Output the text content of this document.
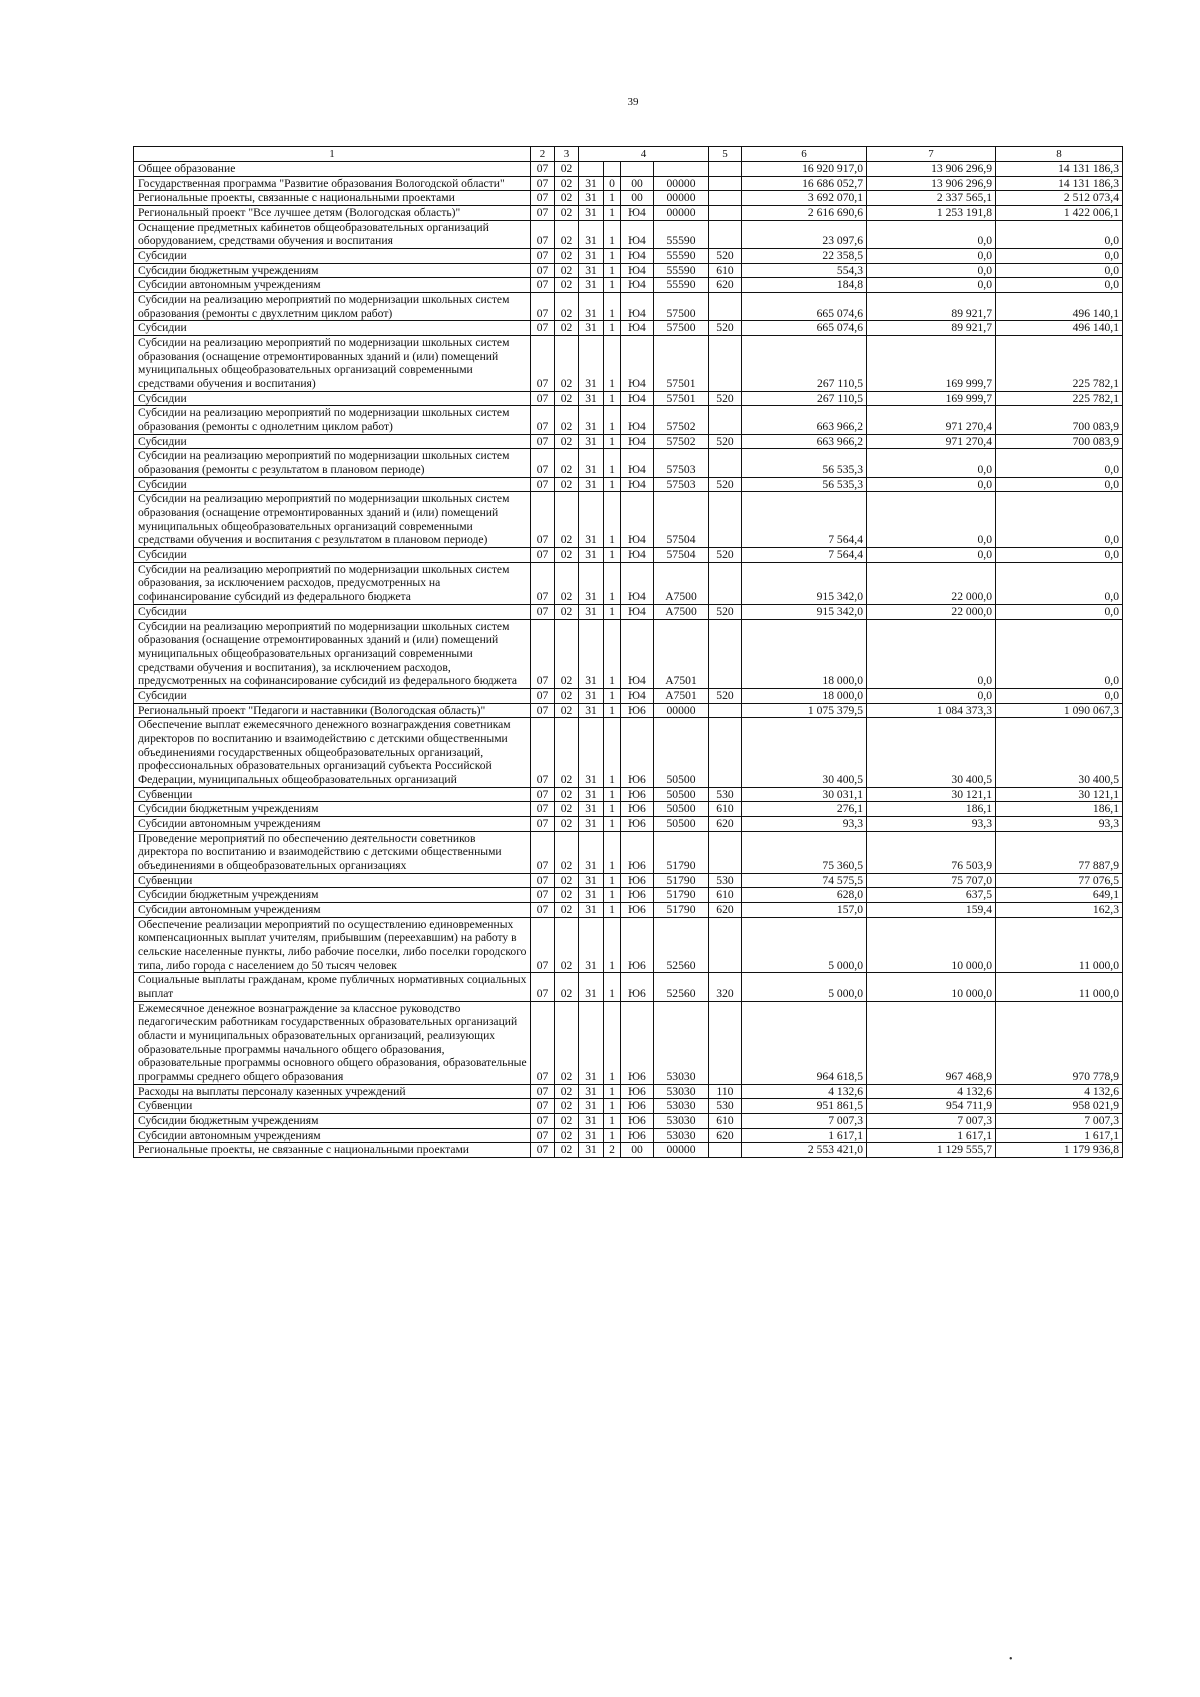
39
1	2	3	4				5	6	7	8
Общее образование	07	02						16 920 917,0	13 906 296,9	14 131 186,3
Государственная программа "Развитие образования Вологодской области"	07	02	31	0	00	00000		16 686 052,7	13 906 296,9	14 131 186,3
Региональные проекты, связанные с национальными проектами	07	02	31	1	00	00000		3 692 070,1	2 337 565,1	2 512 073,4
Региональный проект "Все лучшее детям (Вологодская область)"	07	02	31	1	Ю4	00000		2 616 690,6	1 253 191,8	1 422 006,1
Оснащение предметных кабинетов общеобразовательных организаций оборудованием, средствами обучения и воспитания	07	02	31	1	Ю4	55590		23 097,6	0,0	0,0
Субсидии	07	02	31	1	Ю4	55590	520	22 358,5	0,0	0,0
Субсидии бюджетным учреждениям	07	02	31	1	Ю4	55590	610	554,3	0,0	0,0
Субсидии автономным учреждениям	07	02	31	1	Ю4	55590	620	184,8	0,0	0,0
Субсидии на реализацию мероприятий по модернизации школьных систем образования (ремонты с двухлетним циклом работ)	07	02	31	1	Ю4	57500		665 074,6	89 921,7	496 140,1
Субсидии	07	02	31	1	Ю4	57500	520	665 074,6	89 921,7	496 140,1
Субсидии на реализацию мероприятий по модернизации школьных систем образования (оснащение отремонтированных зданий и (или) помещений муниципальных общеобразовательных организаций современными средствами обучения и воспитания)	07	02	31	1	Ю4	57501		267 110,5	169 999,7	225 782,1
Субсидии	07	02	31	1	Ю4	57501	520	267 110,5	169 999,7	225 782,1
Субсидии на реализацию мероприятий по модернизации школьных систем образования (ремонты с однолетним циклом работ)	07	02	31	1	Ю4	57502		663 966,2	971 270,4	700 083,9
Субсидии	07	02	31	1	Ю4	57502	520	663 966,2	971 270,4	700 083,9
Субсидии на реализацию мероприятий по модернизации школьных систем образования (ремонты с результатом в плановом периоде)	07	02	31	1	Ю4	57503		56 535,3	0,0	0,0
Субсидии	07	02	31	1	Ю4	57503	520	56 535,3	0,0	0,0
Субсидии на реализацию мероприятий по модернизации школьных систем образования (оснащение отремонтированных зданий и (или) помещений муниципальных общеобразовательных организаций современными средствами обучения и воспитания с результатом в плановом периоде)	07	02	31	1	Ю4	57504		7 564,4	0,0	0,0
Субсидии	07	02	31	1	Ю4	57504	520	7 564,4	0,0	0,0
Субсидии на реализацию мероприятий по модернизации школьных систем образования, за исключением расходов, предусмотренных на софинансирование субсидий из федерального бюджета	07	02	31	1	Ю4	А7500		915 342,0	22 000,0	0,0
Субсидии	07	02	31	1	Ю4	А7500	520	915 342,0	22 000,0	0,0
Субсидии на реализацию мероприятий по модернизации школьных систем образования (оснащение отремонтированных зданий и (или) помещений муниципальных общеобразовательных организаций современными средствами обучения и воспитания), за исключением расходов, предусмотренных на софинансирование субсидий из федерального бюджета	07	02	31	1	Ю4	А7501		18 000,0	0,0	0,0
Субсидии	07	02	31	1	Ю4	А7501	520	18 000,0	0,0	0,0
Региональный проект "Педагоги и наставники (Вологодская область)"	07	02	31	1	Ю6	00000		1 075 379,5	1 084 373,3	1 090 067,3
Обеспечение выплат ежемесячного денежного вознаграждения советникам директоров по воспитанию и взаимодействию с детскими общественными объединениями государственных общеобразовательных организаций, профессиональных образовательных организаций субъекта Российской Федерации, муниципальных общеобразовательных организаций	07	02	31	1	Ю6	50500		30 400,5	30 400,5	30 400,5
Субвенции	07	02	31	1	Ю6	50500	530	30 031,1	30 121,1	30 121,1
Субсидии бюджетным учреждениям	07	02	31	1	Ю6	50500	610	276,1	186,1	186,1
Субсидии автономным учреждениям	07	02	31	1	Ю6	50500	620	93,3	93,3	93,3
Проведение мероприятий по обеспечению деятельности советников директора по воспитанию и взаимодействию с детскими общественными объединениями в общеобразовательных организациях	07	02	31	1	Ю6	51790		75 360,5	76 503,9	77 887,9
Субвенции	07	02	31	1	Ю6	51790	530	74 575,5	75 707,0	77 076,5
Субсидии бюджетным учреждениям	07	02	31	1	Ю6	51790	610	628,0	637,5	649,1
Субсидии автономным учреждениям	07	02	31	1	Ю6	51790	620	157,0	159,4	162,3
Обеспечение реализации мероприятий по осуществлению единовременных компенсационных выплат учителям, прибывшим (переехавшим) на работу в сельские населенные пункты, либо рабочие поселки, либо поселки городского типа, либо города с населением до 50 тысяч человек	07	02	31	1	Ю6	52560		5 000,0	10 000,0	11 000,0
Социальные выплаты гражданам, кроме публичных нормативных социальных выплат	07	02	31	1	Ю6	52560	320	5 000,0	10 000,0	11 000,0
Ежемесячное денежное вознаграждение за классное руководство педагогическим работникам государственных образовательных организаций области и муниципальных образовательных организаций, реализующих образовательные программы начального общего образования, образовательные программы основного общего образования, образовательные программы среднего общего образования	07	02	31	1	Ю6	53030		964 618,5	967 468,9	970 778,9
Расходы на выплаты персоналу казенных учреждений	07	02	31	1	Ю6	53030	110	4 132,6	4 132,6	4 132,6
Субвенции	07	02	31	1	Ю6	53030	530	951 861,5	954 711,9	958 021,9
Субсидии бюджетным учреждениям	07	02	31	1	Ю6	53030	610	7 007,3	7 007,3	7 007,3
Субсидии автономным учреждениям	07	02	31	1	Ю6	53030	620	1 617,1	1 617,1	1 617,1
Региональные проекты, не связанные с национальными проектами	07	02	31	2	00	00000		2 553 421,0	1 129 555,7	1 179 936,8
•
